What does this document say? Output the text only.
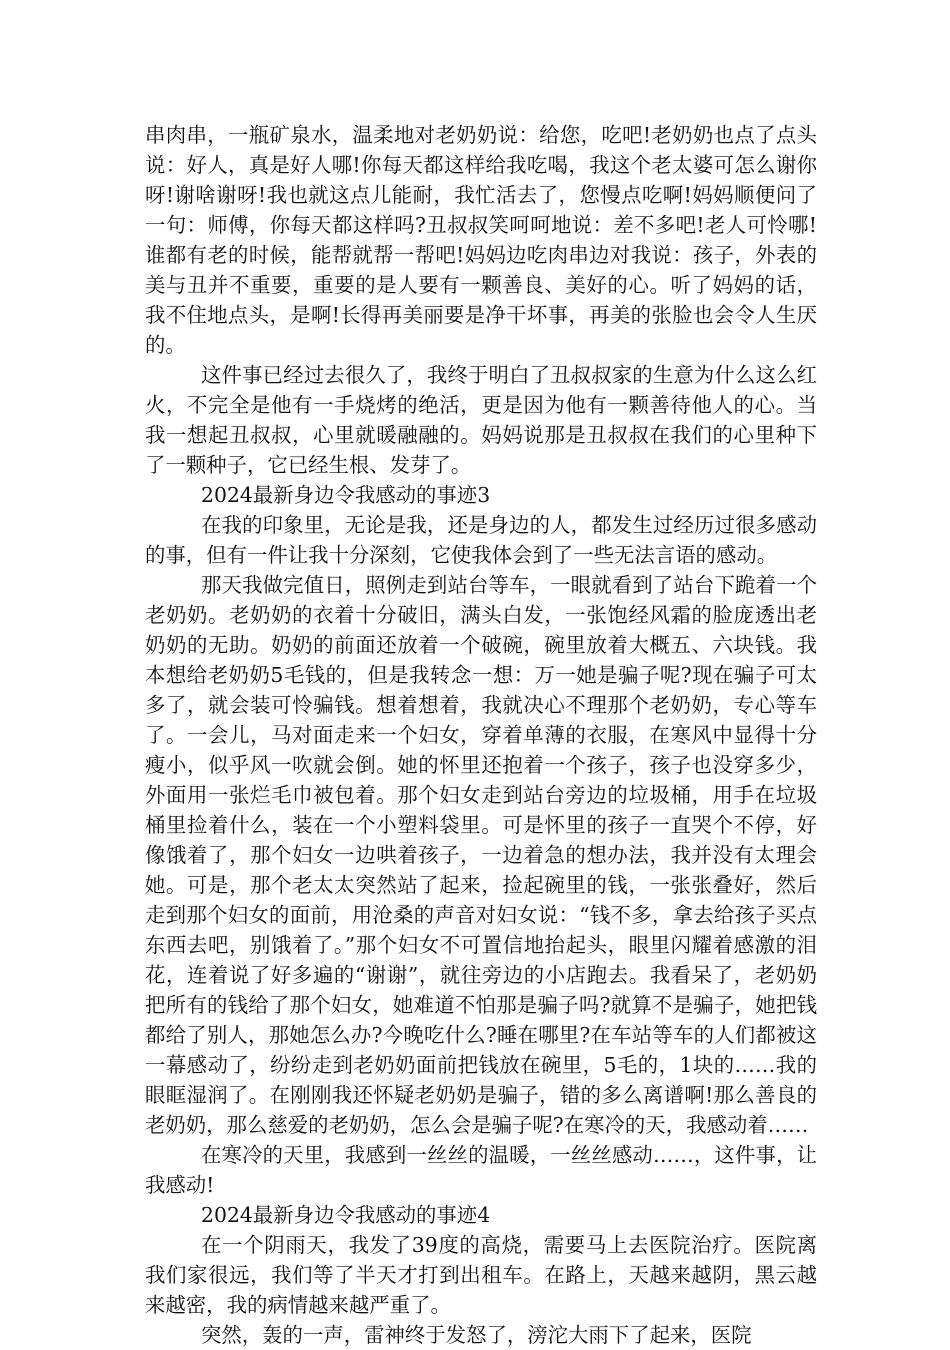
串肉串，一瓶矿泉水，温柔地对老奶奶说：给您，吃吧!老奶奶也点了点头说：好人，真是好人哪!你每天都这样给我吃喝，我这个老太婆可怎么谢你呀!谢啥谢呀!我也就这点儿能耐，我忙活去了，您慢点吃啊!妈妈顺便问了一句：师傅，你每天都这样吗?丑叔叔笑呵呵地说：差不多吧!老人可怜哪!谁都有老的时候，能帮就帮一帮吧!妈妈边吃肉串边对我说：孩子，外表的美与丑并不重要，重要的是人要有一颗善良、美好的心。听了妈妈的话，我不住地点头，是啊!长得再美丽要是净干坏事，再美的张脸也会令人生厌的。

这件事已经过去很久了，我终于明白了丑叔叔家的生意为什么这么红火，不完全是他有一手烧烤的绝活，更是因为他有一颗善待他人的心。当我一想起丑叔叔，心里就暖融融的。妈妈说那是丑叔叔在我们的心里种下了一颗种子，它已经生根、发芽了。

2024最新身边令我感动的事迹3

在我的印象里，无论是我，还是身边的人，都发生过经历过很多感动的事，但有一件让我十分深刻，它使我体会到了一些无法言语的感动。

那天我做完值日，照例走到站台等车，一眼就看到了站台下跪着一个老奶奶。老奶奶的衣着十分破旧，满头白发，一张饱经风霜的脸庞透出老奶奶的无助。奶奶的前面还放着一个破碗，碗里放着大概五、六块钱。我本想给老奶奶5毛钱的，但是我转念一想：万一她是骗子呢?现在骗子可太多了，就会装可怜骗钱。想着想着，我就决心不理那个老奶奶，专心等车了。一会儿，马对面走来一个妇女，穿着单薄的衣服，在寒风中显得十分瘦小，似乎风一吹就会倒。她的怀里还抱着一个孩子，孩子也没穿多少，外面用一张烂毛巾被包着。那个妇女走到站台旁边的垃圾桶，用手在垃圾桶里捡着什么，装在一个小塑料袋里。可是怀里的孩子一直哭个不停，好像饿着了，那个妇女一边哄着孩子，一边着急的想办法，我并没有太理会她。可是，那个老太太突然站了起来，捡起碗里的钱，一张张叠好，然后走到那个妇女的面前，用沧桑的声音对妇女说：“钱不多，拿去给孩子买点东西去吧，别饿着了。”那个妇女不可置信地抬起头，眼里闪耀着感激的泪花，连着说了好多遍的“谢谢”，就往旁边的小店跑去。我看呆了，老奶奶把所有的钱给了那个妇女，她难道不怕那是骗子吗?就算不是骗子，她把钱都给了别人，那她怎么办?今晚吃什么?睡在哪里?在车站等车的人们都被这一幕感动了，纷纷走到老奶奶面前把钱放在碗里，5毛的，1块的……我的眼眶湿润了。在刚刚我还怀疑老奶奶是骗子，错的多么离谱啊!那么善良的老奶奶，那么慈爱的老奶奶，怎么会是骗子呢?在寒冷的天，我感动着……

在寒冷的天里，我感到一丝丝的温暖，一丝丝感动……，这件事，让我感动!

2024最新身边令我感动的事迹4

在一个阴雨天，我发了39度的高烧，需要马上去医院治疗。医院离我们家很远，我们等了半天才打到出租车。在路上，天越来越阴，黑云越来越密，我的病情越来越严重了。

突然，轰的一声，雷神终于发怒了，滂沱大雨下了起来，医院
